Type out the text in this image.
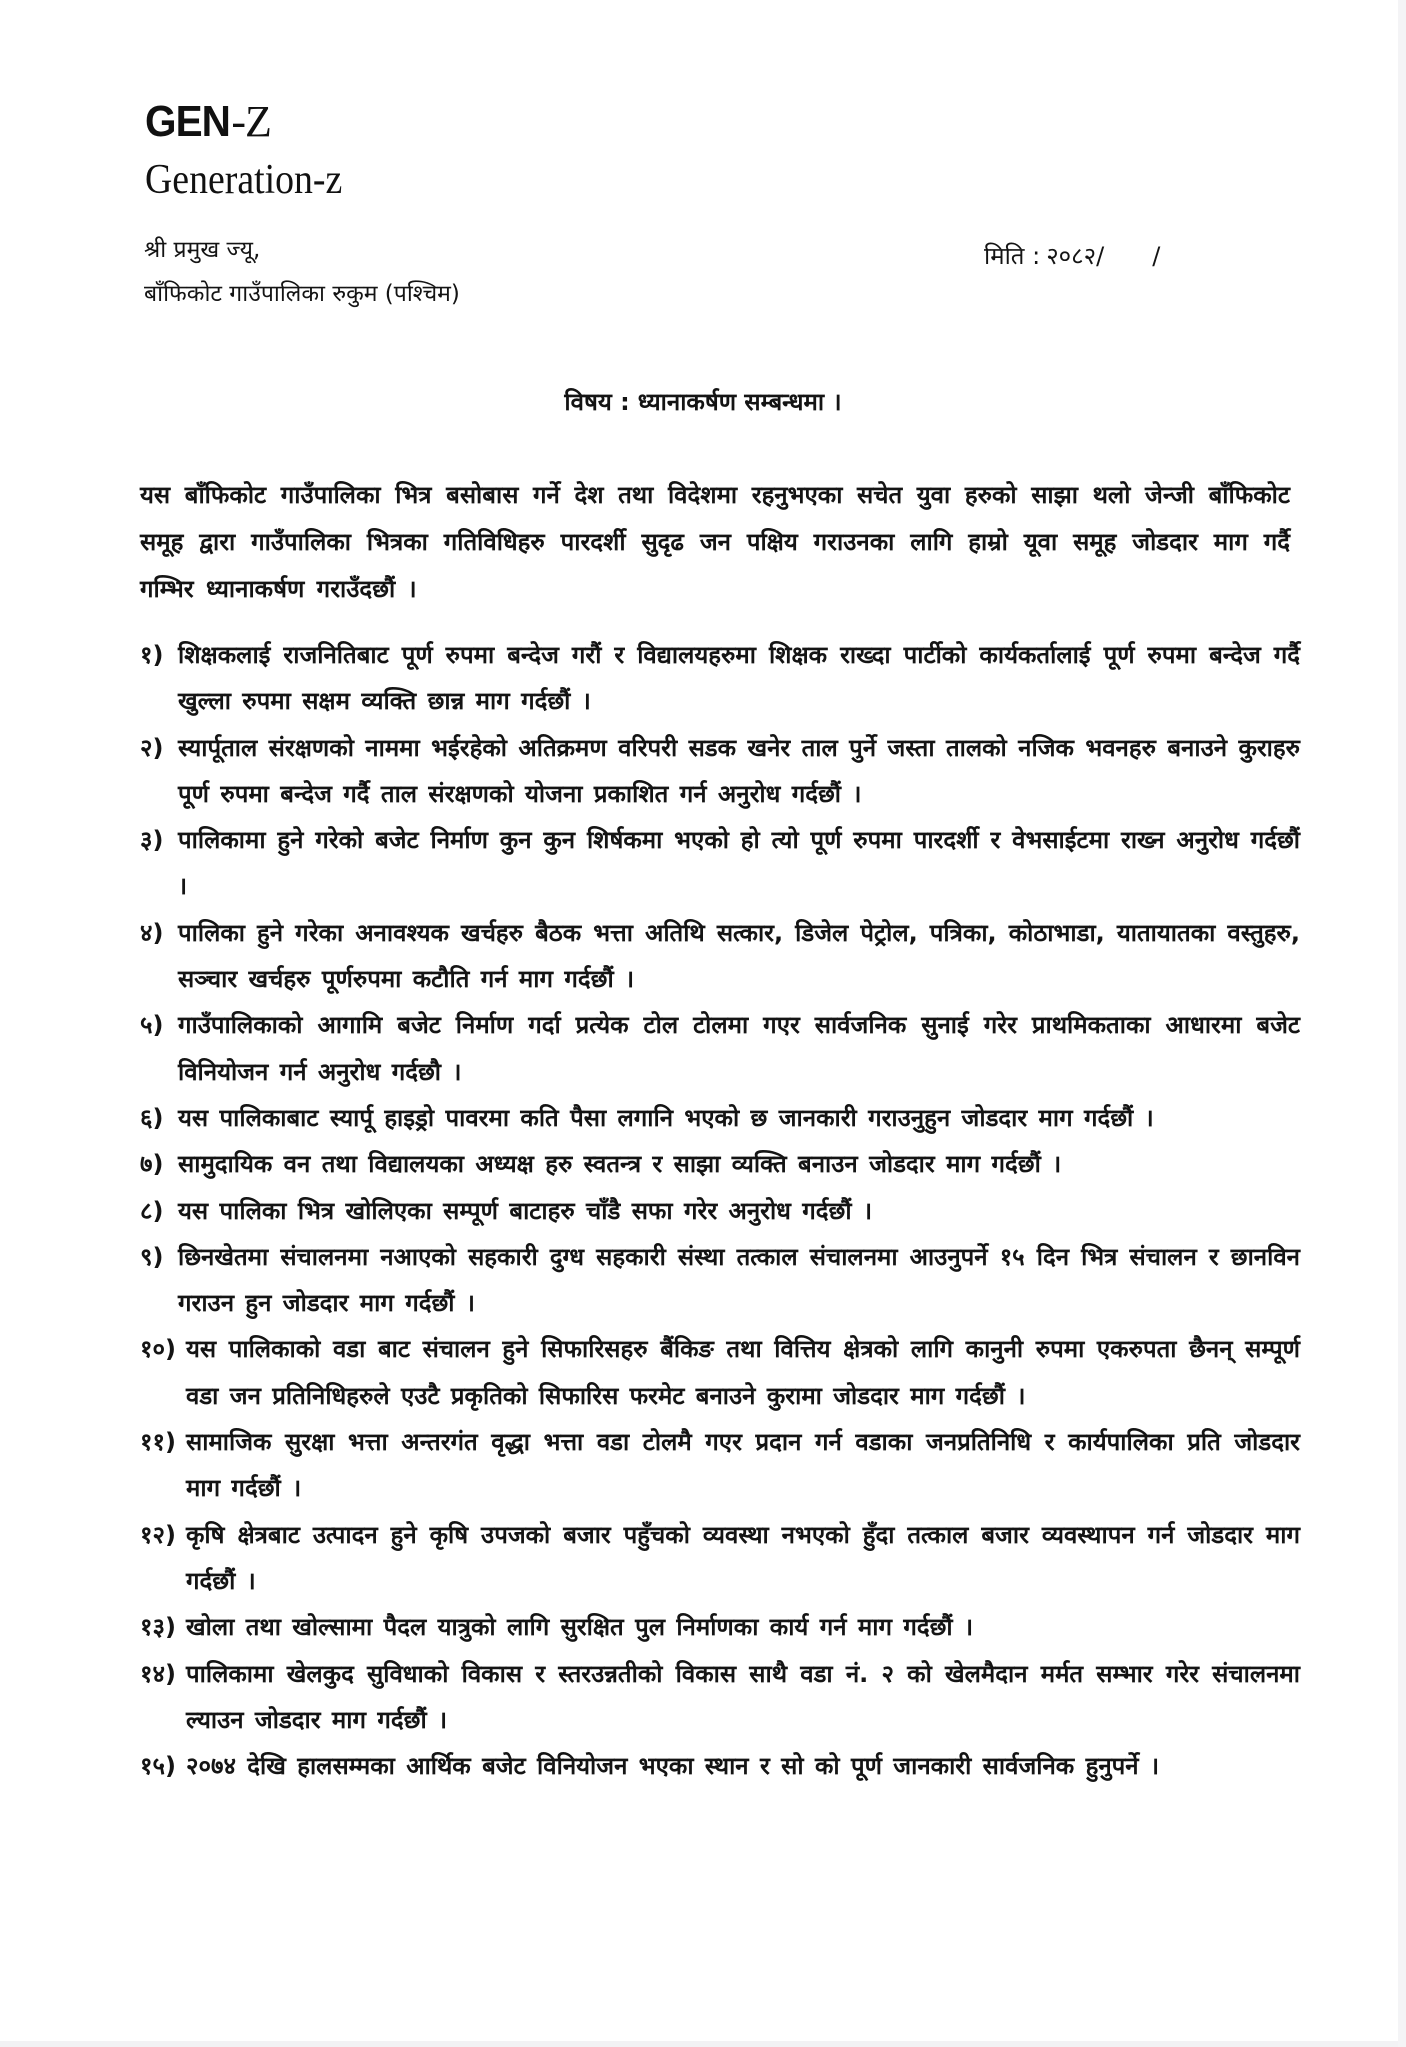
GEN-Z
Generation-z
श्री प्रमुख ज्यू,
बाँफिकोट गाउँपालिका रुकुम (पश्चिम)
मिति : २०८२/ /
विषय : ध्यानाकर्षण सम्बन्धमा ।

यस बाँफिकोट गाउँपालिका भित्र बसोबास गर्ने देश तथा विदेशमा रहनुभएका सचेत युवा हरुको साझा थलो जेन्जी बाँफिकोट समूह द्वारा गाउँपालिका भित्रका गतिविधिहरु पारदर्शी सुदृढ जन पक्षिय गराउनका लागि हाम्रो यूवा समूह जोडदार माग गर्दै गम्भिर ध्यानाकर्षण गराउँदछौं ।

१) शिक्षकलाई राजनितिबाट पूर्ण रुपमा बन्देज गरौं र विद्यालयहरुमा शिक्षक राख्दा पार्टीको कार्यकर्तालाई पूर्ण रुपमा बन्देज गर्दै खुल्ला रुपमा सक्षम व्यक्ति छान्न माग गर्दछौं ।
२) स्यार्पूताल संरक्षणको नाममा भईरहेको अतिक्रमण वरिपरी सडक खनेर ताल पुर्ने जस्ता तालको नजिक भवनहरु बनाउने कुराहरु पूर्ण रुपमा बन्देज गर्दै ताल संरक्षणको योजना प्रकाशित गर्न अनुरोध गर्दछौं ।
३) पालिकामा हुने गरेको बजेट निर्माण कुन कुन शिर्षकमा भएको हो त्यो पूर्ण रुपमा पारदर्शी र वेभसाईटमा राख्न अनुरोध गर्दछौं ।
४) पालिका हुने गरेका अनावश्यक खर्चहरु बैठक भत्ता अतिथि सत्कार, डिजेल पेट्रोल, पत्रिका, कोठाभाडा, यातायातका वस्तुहरु, सञ्चार खर्चहरु पूर्णरुपमा कटौति गर्न माग गर्दछौं ।
५) गाउँपालिकाको आगामि बजेट निर्माण गर्दा प्रत्येक टोल टोलमा गएर सार्वजनिक सुनाई गरेर प्राथमिकताका आधारमा बजेट विनियोजन गर्न अनुरोध गर्दछौ ।
६) यस पालिकाबाट स्यार्पू हाइड्रो पावरमा कति पैसा लगानि भएको छ जानकारी गराउनुहुन जोडदार माग गर्दछौं ।
७) सामुदायिक वन तथा विद्यालयका अध्यक्ष हरु स्वतन्त्र र साझा व्यक्ति बनाउन जोडदार माग गर्दछौं ।
८) यस पालिका भित्र खोलिएका सम्पूर्ण बाटाहरु चाँडै सफा गरेर अनुरोध गर्दछौं ।
९) छिनखेतमा संचालनमा नआएको सहकारी दुग्ध सहकारी संस्था तत्काल संचालनमा आउनुपर्ने १५ दिन भित्र संचालन र छानविन गराउन हुन जोडदार माग गर्दछौं ।
१०) यस पालिकाको वडा बाट संचालन हुने सिफारिसहरु बैंकिङ तथा वित्तिय क्षेत्रको लागि कानुनी रुपमा एकरुपता छैनन् सम्पूर्ण वडा जन प्रतिनिधिहरुले एउटै प्रकृतिको सिफारिस फरमेट बनाउने कुरामा जोडदार माग गर्दछौं ।
११) सामाजिक सुरक्षा भत्ता अन्तरगंत वृद्धा भत्ता वडा टोलमै गएर प्रदान गर्न वडाका जनप्रतिनिधि र कार्यपालिका प्रति जोडदार माग गर्दछौं ।
१२) कृषि क्षेत्रबाट उत्पादन हुने कृषि उपजको बजार पहुँचको व्यवस्था नभएको हुँदा तत्काल बजार व्यवस्थापन गर्न जोडदार माग गर्दछौं ।
१३) खोला तथा खोल्सामा पैदल यात्रुको लागि सुरक्षित पुल निर्माणका कार्य गर्न माग गर्दछौं ।
१४) पालिकामा खेलकुद सुविधाको विकास र स्तरउन्नतीको विकास साथै वडा नं. २ को खेलमैदान मर्मत सम्भार गरेर संचालनमा ल्याउन जोडदार माग गर्दछौं ।
१५) २०७४ देखि हालसम्मका आर्थिक बजेट विनियोजन भएका स्थान र सो को पूर्ण जानकारी सार्वजनिक हुनुपर्ने ।
